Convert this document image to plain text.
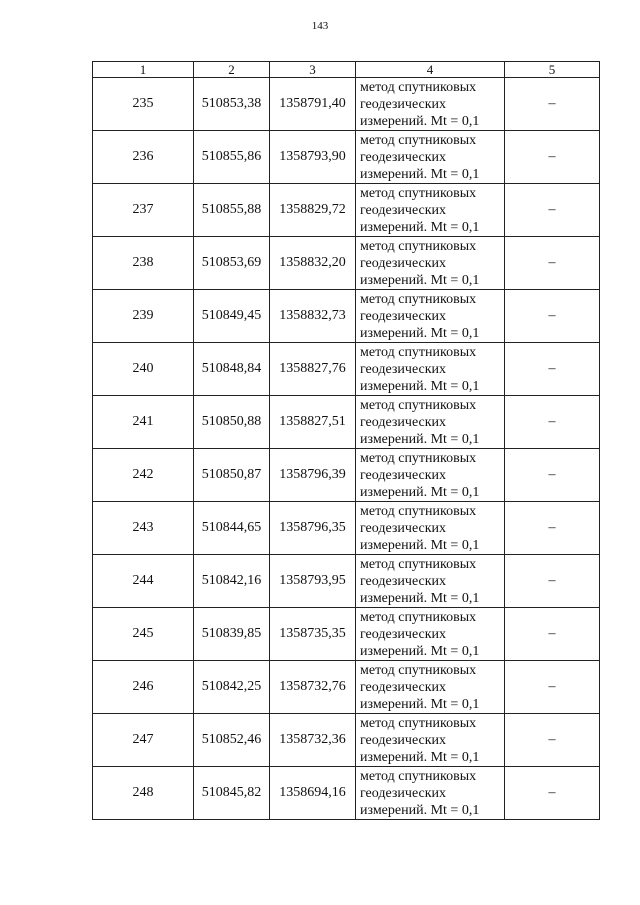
143
1	2	3	4	5
235	510853,38	1358791,40	метод спутниковых
геодезических
измерений. Mt = 0,1	–
236	510855,86	1358793,90	метод спутниковых
геодезических
измерений. Mt = 0,1	–
237	510855,88	1358829,72	метод спутниковых
геодезических
измерений. Mt = 0,1	–
238	510853,69	1358832,20	метод спутниковых
геодезических
измерений. Mt = 0,1	–
239	510849,45	1358832,73	метод спутниковых
геодезических
измерений. Mt = 0,1	–
240	510848,84	1358827,76	метод спутниковых
геодезических
измерений. Mt = 0,1	–
241	510850,88	1358827,51	метод спутниковых
геодезических
измерений. Mt = 0,1	–
242	510850,87	1358796,39	метод спутниковых
геодезических
измерений. Mt = 0,1	–
243	510844,65	1358796,35	метод спутниковых
геодезических
измерений. Mt = 0,1	–
244	510842,16	1358793,95	метод спутниковых
геодезических
измерений. Mt = 0,1	–
245	510839,85	1358735,35	метод спутниковых
геодезических
измерений. Mt = 0,1	–
246	510842,25	1358732,76	метод спутниковых
геодезических
измерений. Mt = 0,1	–
247	510852,46	1358732,36	метод спутниковых
геодезических
измерений. Mt = 0,1	–
248	510845,82	1358694,16	метод спутниковых
геодезических
измерений. Mt = 0,1	–
